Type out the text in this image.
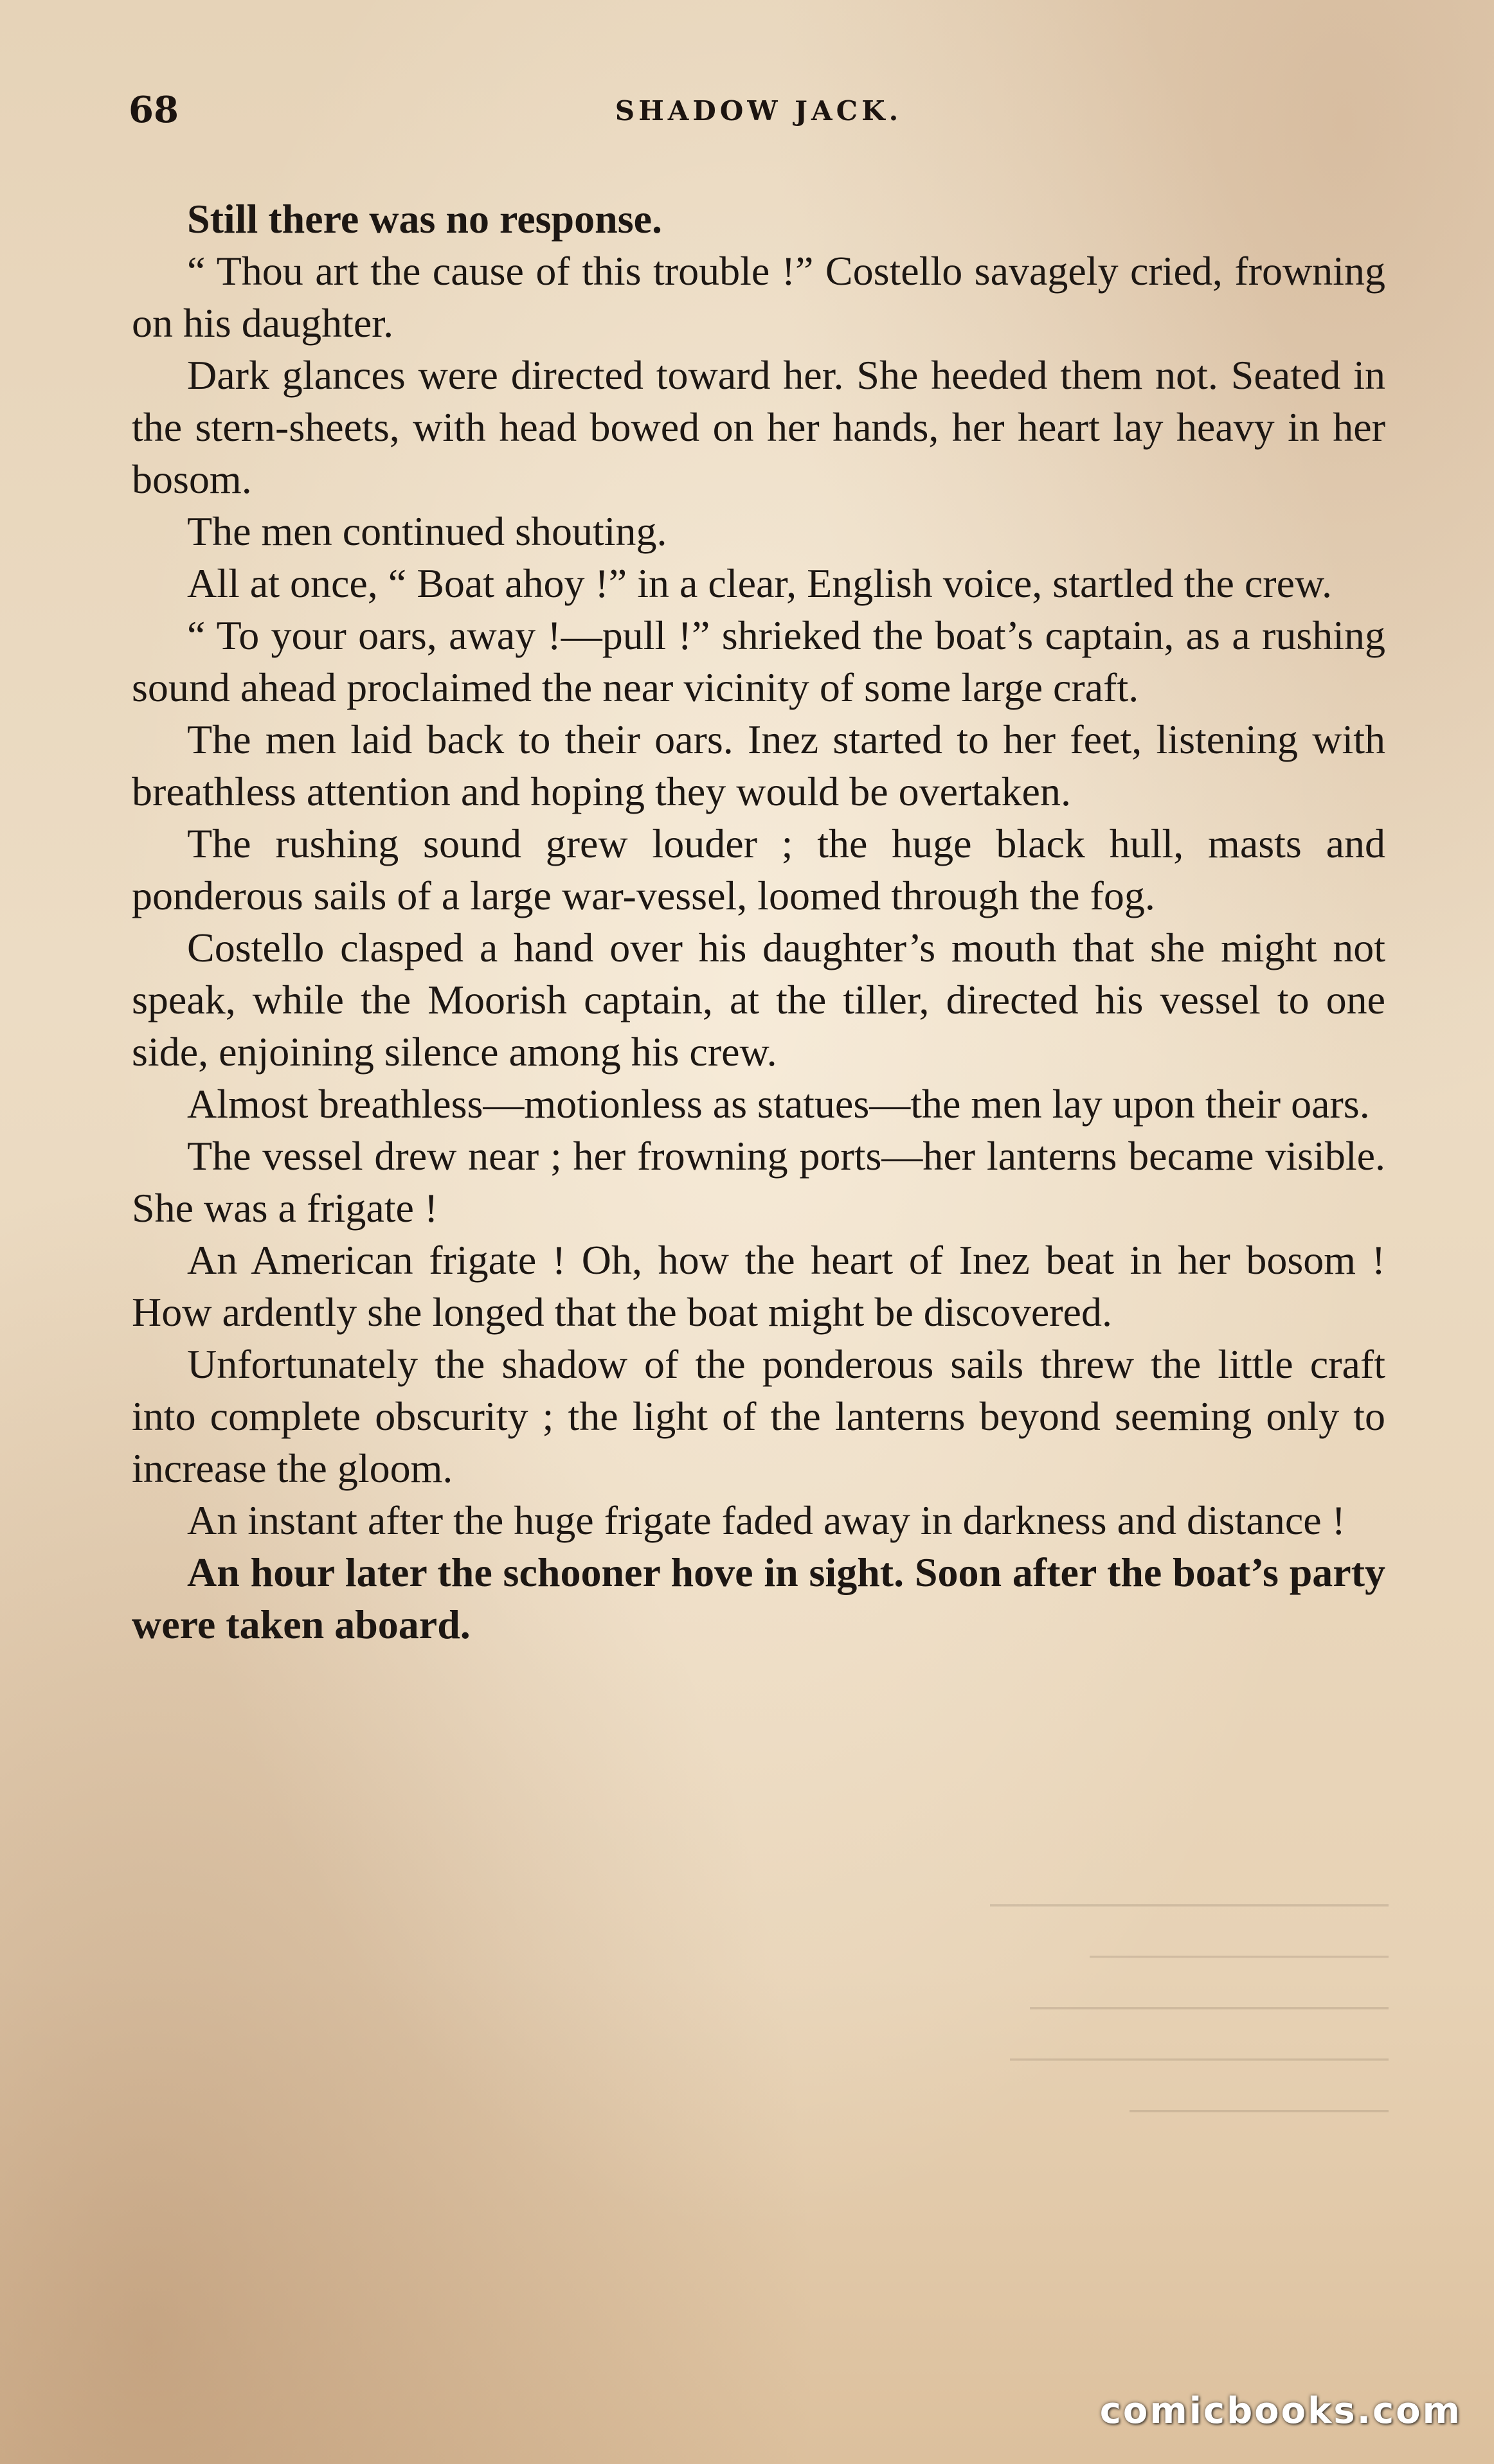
68	SHADOW JACK.

Still there was no response.

“ Thou art the cause of this trouble !” Costello savagely cried, frowning on his daughter.

Dark glances were directed toward her. She heeded them not. Seated in the stern-sheets, with head bowed on her hands, her heart lay heavy in her bosom.

The men continued shouting.

All at once, “ Boat ahoy !” in a clear, English voice, startled the crew.

“ To your oars, away !—pull !” shrieked the boat’s captain, as a rushing sound ahead proclaimed the near vicinity of some large craft.

The men laid back to their oars. Inez started to her feet, listening with breathless attention and hoping they would be overtaken.

The rushing sound grew louder ; the huge black hull, masts and ponderous sails of a large war-vessel, loomed through the fog.

Costello clasped a hand over his daughter’s mouth that she might not speak, while the Moorish captain, at the tiller, directed his vessel to one side, enjoining silence among his crew.

Almost breathless—motionless as statues—the men lay upon their oars.

The vessel drew near ; her frowning ports—her lanterns became visible. She was a frigate !

An American frigate ! Oh, how the heart of Inez beat in her bosom ! How ardently she longed that the boat might be discovered.

Unfortunately the shadow of the ponderous sails threw the little craft into complete obscurity ; the light of the lanterns beyond seeming only to increase the gloom.

An instant after the huge frigate faded away in darkness and distance !

An hour later the schooner hove in sight. Soon after the boat’s party were taken aboard.

⎯⎯⎯⎯⎯⎯⎯⎯⎯⎯⎯⎯⎯⎯⎯⎯⎯⎯⎯⎯
⎯⎯⎯⎯⎯⎯⎯⎯⎯⎯⎯⎯⎯⎯⎯
⎯⎯⎯⎯⎯⎯⎯⎯⎯⎯⎯⎯⎯⎯⎯⎯⎯⎯
⎯⎯⎯⎯⎯⎯⎯⎯⎯⎯⎯⎯⎯⎯⎯⎯⎯⎯⎯
⎯⎯⎯⎯⎯⎯⎯⎯⎯⎯⎯⎯⎯
comicbooks.com
